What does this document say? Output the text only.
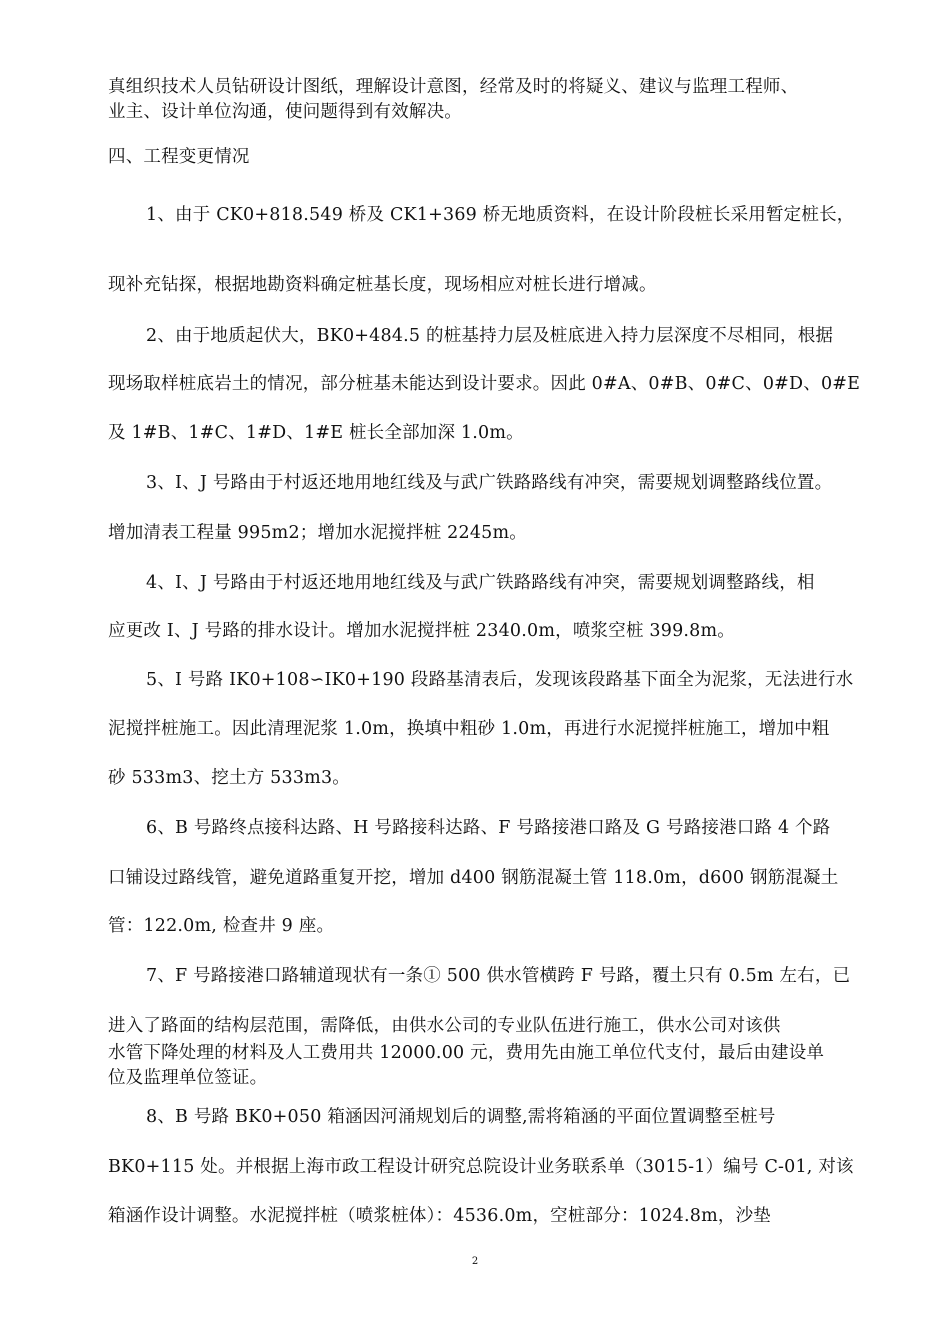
真组织技术人员钻研设计图纸，理解设计意图，经常及时的将疑义、建议与监理工程师、
业主、设计单位沟通，使问题得到有效解决。
四、工程变更情况
1、由于 CK0+818.549 桥及 CK1+369 桥无地质资料，在设计阶段桩长采用暂定桩长，
现补充钻探，根据地勘资料确定桩基长度，现场相应对桩长进行增减。
2、由于地质起伏大，BK0+484.5 的桩基持力层及桩底进入持力层深度不尽相同，根据
现场取样桩底岩土的情况，部分桩基未能达到设计要求。因此 0#A、0#B、0#C、0#D、0#E
及 1#B、1#C、1#D、1#E 桩长全部加深 1.0m。
3、I、J 号路由于村返还地用地红线及与武广铁路路线有冲突，需要规划调整路线位置。
增加清表工程量 995m2；增加水泥搅拌桩 2245m。
4、I、J 号路由于村返还地用地红线及与武广铁路路线有冲突，需要规划调整路线，相
应更改 I、J 号路的排水设计。增加水泥搅拌桩 2340.0m，喷浆空桩 399.8m。
5、I 号路 IK0+108∽IK0+190 段路基清表后，发现该段路基下面全为泥浆，无法进行水
泥搅拌桩施工。因此清理泥浆 1.0m，换填中粗砂 1.0m，再进行水泥搅拌桩施工，增加中粗
砂 533m3、挖土方 533m3。
6、B 号路终点接科达路、H 号路接科达路、F 号路接港口路及 G 号路接港口路 4 个路
口铺设过路线管，避免道路重复开挖，增加 d400 钢筋混凝土管 118.0m，d600 钢筋混凝土
管：122.0m, 检查井 9 座。
7、F 号路接港口路辅道现状有一条① 500 供水管横跨 F 号路，覆土只有 0.5m 左右，已
进入了路面的结构层范围，需降低，由供水公司的专业队伍进行施工，供水公司对该供
水管下降处理的材料及人工费用共 12000.00 元，费用先由施工单位代支付，最后由建设单
位及监理单位签证。
8、B 号路 BK0+050 箱涵因河涌规划后的调整,需将箱涵的平面位置调整至桩号
BK0+115 处。并根据上海市政工程设计研究总院设计业务联系单（3015-1）编号 C-01, 对该
箱涵作设计调整。水泥搅拌桩（喷浆桩体）：4536.0m，空桩部分：1024.8m，沙垫
2
